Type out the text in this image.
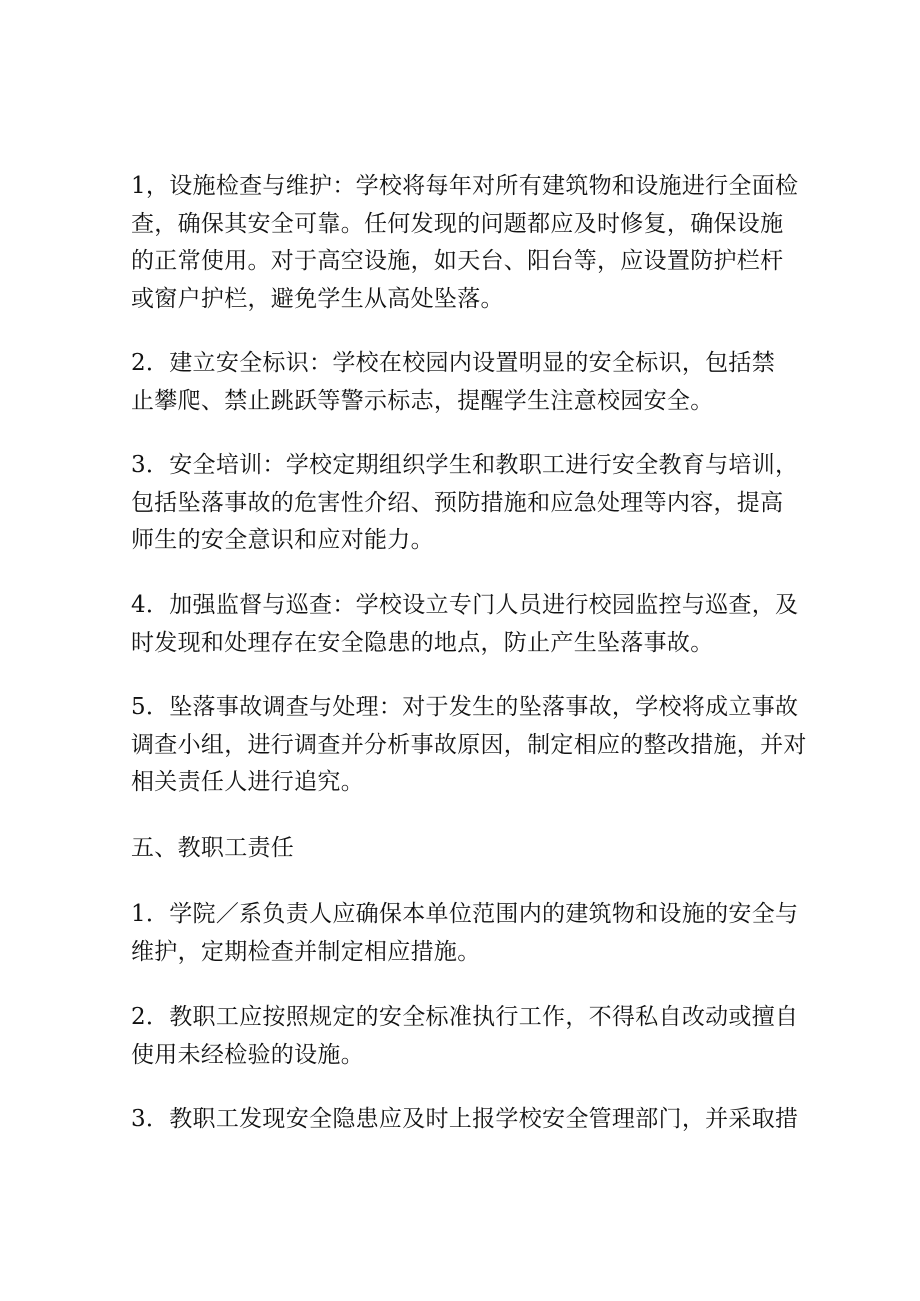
1，设施检查与维护：学校将每年对所有建筑物和设施进行全面检
查，确保其安全可靠。任何发现的问题都应及时修复，确保设施
的正常使用。对于高空设施，如天台、阳台等，应设置防护栏杆
或窗户护栏，避免学生从高处坠落。
2．建立安全标识：学校在校园内设置明显的安全标识，包括禁
止攀爬、禁止跳跃等警示标志，提醒学生注意校园安全。
3．安全培训：学校定期组织学生和教职工进行安全教育与培训，
包括坠落事故的危害性介绍、预防措施和应急处理等内容，提高
师生的安全意识和应对能力。
4．加强监督与巡查：学校设立专门人员进行校园监控与巡查，及
时发现和处理存在安全隐患的地点，防止产生坠落事故。
5．坠落事故调查与处理：对于发生的坠落事故，学校将成立事故
调查小组，进行调查并分析事故原因，制定相应的整改措施，并对
相关责任人进行追究。
五、教职工责任
1．学院／系负责人应确保本单位范围内的建筑物和设施的安全与
维护，定期检查并制定相应措施。
2．教职工应按照规定的安全标准执行工作，不得私自改动或擅自
使用未经检验的设施。
3．教职工发现安全隐患应及时上报学校安全管理部门，并采取措
